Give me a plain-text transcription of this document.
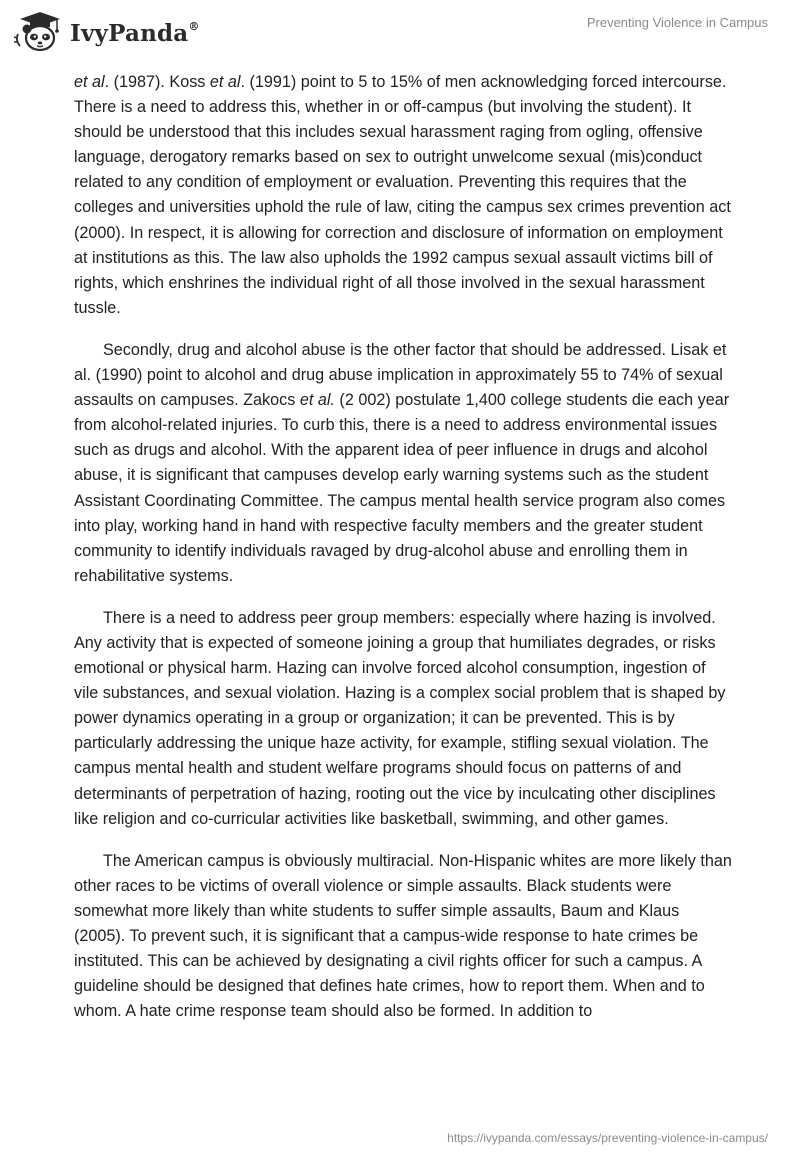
IvyPanda®	Preventing Violence in Campus

et al. (1987). Koss et al. (1991) point to 5 to 15% of men acknowledging forced intercourse. There is a need to address this, whether in or off-campus (but involving the student). It should be understood that this includes sexual harassment raging from ogling, offensive language, derogatory remarks based on sex to outright unwelcome sexual (mis)conduct related to any condition of employment or evaluation. Preventing this requires that the colleges and universities uphold the rule of law, citing the campus sex crimes prevention act (2000). In respect, it is allowing for correction and disclosure of information on employment at institutions as this. The law also upholds the 1992 campus sexual assault victims bill of rights, which enshrines the individual right of all those involved in the sexual harassment tussle.

Secondly, drug and alcohol abuse is the other factor that should be addressed. Lisak et al. (1990) point to alcohol and drug abuse implication in approximately 55 to 74% of sexual assaults on campuses. Zakocs et al. (2 002) postulate 1,400 college students die each year from alcohol-related injuries. To curb this, there is a need to address environmental issues such as drugs and alcohol. With the apparent idea of peer influence in drugs and alcohol abuse, it is significant that campuses develop early warning systems such as the student Assistant Coordinating Committee. The campus mental health service program also comes into play, working hand in hand with respective faculty members and the greater student community to identify individuals ravaged by drug-alcohol abuse and enrolling them in rehabilitative systems.

There is a need to address peer group members: especially where hazing is involved. Any activity that is expected of someone joining a group that humiliates degrades, or risks emotional or physical harm. Hazing can involve forced alcohol consumption, ingestion of vile substances, and sexual violation. Hazing is a complex social problem that is shaped by power dynamics operating in a group or organization; it can be prevented. This is by particularly addressing the unique haze activity, for example, stifling sexual violation. The campus mental health and student welfare programs should focus on patterns of and determinants of perpetration of hazing, rooting out the vice by inculcating other disciplines like religion and co-curricular activities like basketball, swimming, and other games.

The American campus is obviously multiracial. Non-Hispanic whites are more likely than other races to be victims of overall violence or simple assaults. Black students were somewhat more likely than white students to suffer simple assaults, Baum and Klaus (2005). To prevent such, it is significant that a campus-wide response to hate crimes be instituted. This can be achieved by designating a civil rights officer for such a campus. A guideline should be designed that defines hate crimes, how to report them. When and to whom. A hate crime response team should also be formed. In addition to

https://ivypanda.com/essays/preventing-violence-in-campus/
